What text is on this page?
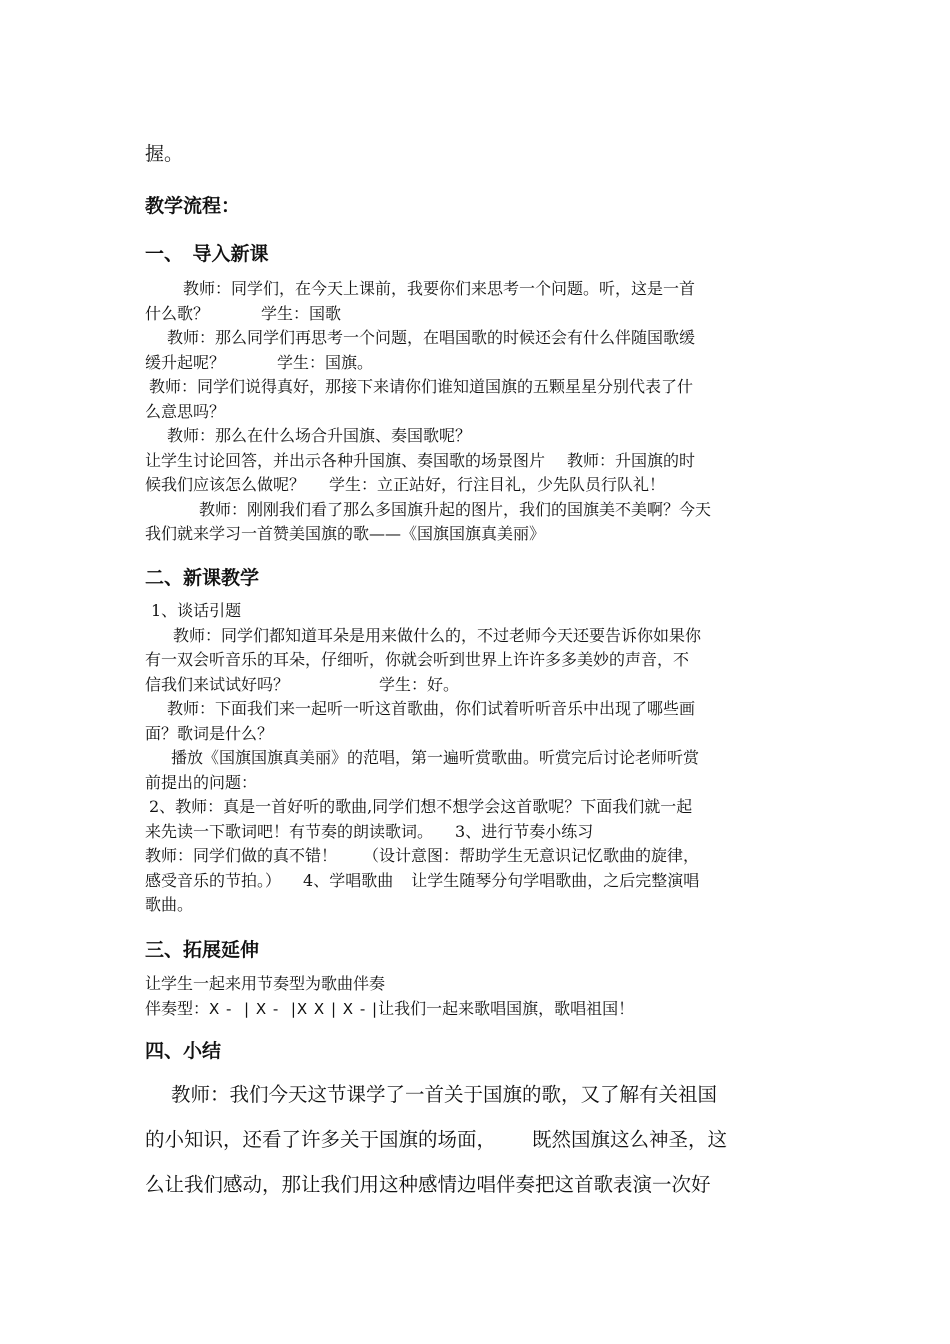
握。

教学流程：

一、　导入新课

教师：同学们，在今天上课前，我要你们来思考一个问题。听，这是一首
什么歌？	学生：国歌
教师：那么同学们再思考一个问题，在唱国歌的时候还会有什么伴随国歌缓
缓升起呢？	学生：国旗。
教师：同学们说得真好，那接下来请你们谁知道国旗的五颗星星分别代表了什
么意思吗？
教师：那么在什么场合升国旗、奏国歌呢？
让学生讨论回答，并出示各种升国旗、奏国歌的场景图片 教师：升国旗的时
候我们应该怎么做呢？ 学生：立正站好，行注目礼，少先队员行队礼！
教师：刚刚我们看了那么多国旗升起的图片，我们的国旗美不美啊？今天
我们就来学习一首赞美国旗的歌——《国旗国旗真美丽》

二、新课教学

1、谈话引题
教师：同学们都知道耳朵是用来做什么的，不过老师今天还要告诉你如果你
有一双会听音乐的耳朵，仔细听，你就会听到世界上许许多多美妙的声音，不
信我们来试试好吗？	学生：好。
教师：下面我们来一起听一听这首歌曲，你们试着听听音乐中出现了哪些画
面？歌词是什么？
播放《国旗国旗真美丽》的范唱，第一遍听赏歌曲。听赏完后讨论老师听赏
前提出的问题：
2、教师：真是一首好听的歌曲,同学们想不想学会这首歌呢？下面我们就一起
来先读一下歌词吧！有节奏的朗读歌词。 3、进行节奏小练习
教师：同学们做的真不错！ （设计意图：帮助学生无意识记忆歌曲的旋律，
感受音乐的节拍。） 4、学唱歌曲 让学生随琴分句学唱歌曲，之后完整演唱
歌曲。

三、拓展延伸

让学生一起来用节奏型为歌曲伴奏
伴奏型：X -  | X -  |X X | X - |让我们一起来歌唱国旗，歌唱祖国！

四、小结

教师：我们今天这节课学了一首关于国旗的歌，又了解有关祖国
的小知识，还看了许多关于国旗的场面， 既然国旗这么神圣，这
么让我们感动，那让我们用这种感情边唱伴奏把这首歌表演一次好
